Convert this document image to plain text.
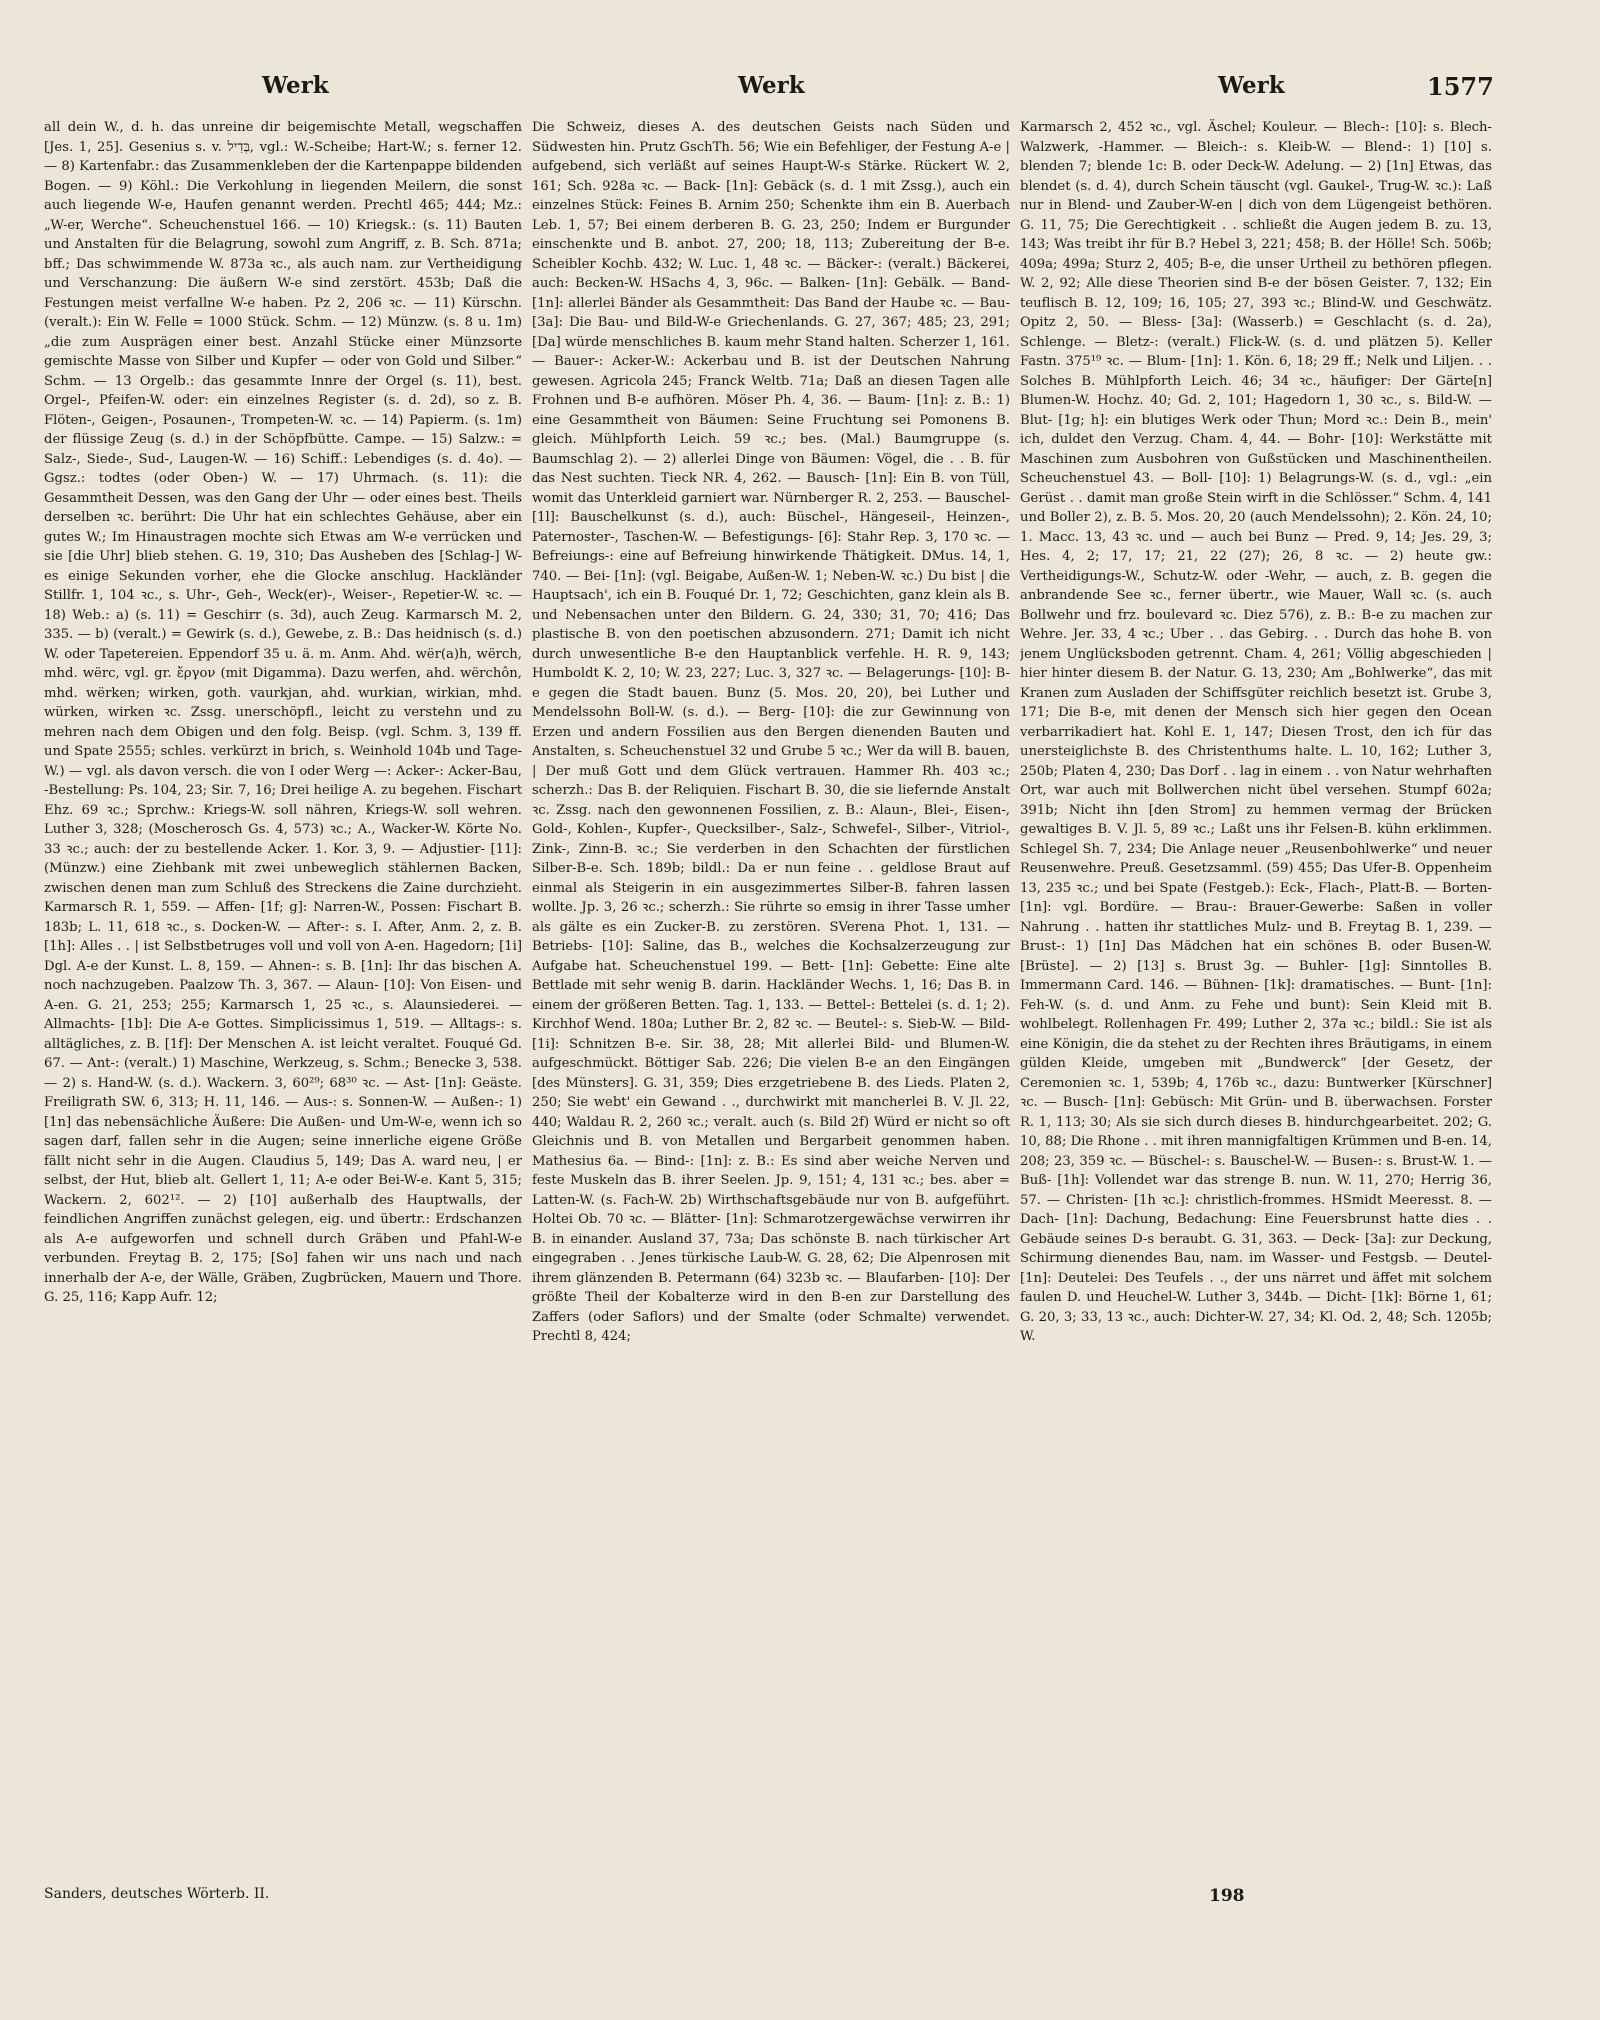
Werk	Werk	Werk	1577

all dein W., d. h. das unreine dir beigemischte Metall, wegschaffen [Jes. 1, 25]. Gesenius s. v. בְּדִיל, vgl.: W.-Scheibe; Hart-W.; s. ferner 12. — 8) Kartenfabr.: das Zusammenkleben der die Kartenpappe bildenden Bogen. — 9) Köhl.: Die Verkohlung in liegenden Meilern, die sonst auch liegende W-e, Haufen genannt werden. Prechtl 465; 444; Mz.: „W-er, Werche“. Scheuchenstuel 166. — 10) Kriegsk.: (s. 11) Bauten und Anstalten für die Belagrung, sowohl zum Angriff, z. B. Sch. 871a; bff.; Das schwimmende W. 873a ꝛc., als auch nam. zur Vertheidigung und Verschanzung: Die äußern W-e sind zerstört. 453b; Daß die Festungen meist verfallne W-e haben. Pz 2, 206 ꝛc. — 11) Kürschn. (veralt.): Ein W. Felle = 1000 Stück. Schm. — 12) Münzw. (s. 8 u. 1m) „die zum Ausprägen einer best. Anzahl Stücke einer Münzsorte gemischte Masse von Silber und Kupfer — oder von Gold und Silber.“ Schm. — 13 Orgelb.: das gesammte Innre der Orgel (s. 11), best. Orgel-, Pfeifen-W. oder: ein einzelnes Register (s. d. 2d), so z. B. Flöten-, Geigen-, Posaunen-, Trompeten-W. ꝛc. — 14) Papierm. (s. 1m) der flüssige Zeug (s. d.) in der Schöpfbütte. Campe. — 15) Salzw.: = Salz-, Siede-, Sud-, Laugen-W. — 16) Schiff.: Lebendiges (s. d. 4o). — Ggsz.: todtes (oder Oben-) W. — 17) Uhrmach. (s. 11): die Gesammtheit Dessen, was den Gang der Uhr — oder eines best. Theils derselben ꝛc. berührt: Die Uhr hat ein schlechtes Gehäuse, aber ein gutes W.; Im Hinaustragen mochte sich Etwas am W-e verrücken und sie [die Uhr] blieb stehen. G. 19, 310; Das Ausheben des [Schlag-] W-es einige Sekunden vorher, ehe die Glocke anschlug. Hackländer Stillfr. 1, 104 ꝛc., s. Uhr-, Geh-, Weck(er)-, Weiser-, Repetier-W. ꝛc. — 18) Web.: a) (s. 11) = Geschirr (s. 3d), auch Zeug. Karmarsch M. 2, 335. — b) (veralt.) = Gewirk (s. d.), Gewebe, z. B.: Das heidnisch (s. d.) W. oder Tapetereien. Eppendorf 35 u. ä. m. Anm. Ahd. wër(a)h, wërch, mhd. wërc, vgl. gr. ἔργον (mit Digamma). Dazu werfen, ahd. wërchôn, mhd. wërken; wirken, goth. vaurkjan, ahd. wurkian, wirkian, mhd. würken, wirken ꝛc. Zssg. unerschöpfl., leicht zu verstehn und zu mehren nach dem Obigen und den folg. Beisp. (vgl. Schm. 3, 139 ff. und Spate 2555; schles. verkürzt in brich, s. Weinhold 104b und Tage-W.) — vgl. als davon versch. die von I oder Werg —: Acker-: Acker-Bau, -Bestellung: Ps. 104, 23; Sir. 7, 16; Drei heilige A. zu begehen. Fischart Ehz. 69 ꝛc.; Sprchw.: Kriegs-W. soll nähren, Kriegs-W. soll wehren. Luther 3, 328; (Moscherosch Gs. 4, 573) ꝛc.; A., Wacker-W. Körte No. 33 ꝛc.; auch: der zu bestellende Acker. 1. Kor. 3, 9. — Adjustier- [11]: (Münzw.) eine Ziehbank mit zwei unbeweglich stählernen Backen, zwischen denen man zum Schluß des Streckens die Zaine durchzieht. Karmarsch R. 1, 559. — Affen- [1f; g]: Narren-W., Possen: Fischart B. 183b; L. 11, 618 ꝛc., s. Docken-W. — After-: s. I. After, Anm. 2, z. B. [1h]: Alles . . | ist Selbstbetruges voll und voll von A-en. Hagedorn; [1i] Dgl. A-e der Kunst. L. 8, 159. — Ahnen-: s. B. [1n]: Ihr das bischen A. noch nachzugeben. Paalzow Th. 3, 367. — Alaun- [10]: Von Eisen- und A-en. G. 21, 253; 255; Karmarsch 1, 25 ꝛc., s. Alaunsiederei. — Allmachts- [1b]: Die A-e Gottes. Simplicissimus 1, 519. — Alltags-: s. alltägliches, z. B. [1f]: Der Menschen A. ist leicht veraltet. Fouqué Gd. 67. — Ant-: (veralt.) 1) Maschine, Werkzeug, s. Schm.; Benecke 3, 538. — 2) s. Hand-W. (s. d.). Wackern. 3, 60²⁹; 68³⁰ ꝛc. — Ast- [1n]: Geäste. Freiligrath SW. 6, 313; H. 11, 146. — Aus-: s. Sonnen-W. — Außen-: 1) [1n] das nebensächliche Äußere: Die Außen- und Um-W-e, wenn ich so sagen darf, fallen sehr in die Augen; seine innerliche eigene Größe fällt nicht sehr in die Augen. Claudius 5, 149; Das A. ward neu, | er selbst, der Hut, blieb alt. Gellert 1, 11; A-e oder Bei-W-e. Kant 5, 315; Wackern. 2, 602¹². — 2) [10] außerhalb des Hauptwalls, der feindlichen Angriffen zunächst gelegen, eig. und übertr.: Erdschanzen als A-e aufgeworfen und schnell durch Gräben und Pfahl-W-e verbunden. Freytag B. 2, 175; [So] fahen wir uns nach und nach innerhalb der A-e, der Wälle, Gräben, Zugbrücken, Mauern und Thore. G. 25, 116; Kapp Aufr. 12;

Die Schweiz, dieses A. des deutschen Geists nach Süden und Südwesten hin. Prutz GschTh. 56; Wie ein Befehliger, der Festung A-e | aufgebend, sich verläßt auf seines Haupt-W-s Stärke. Rückert W. 2, 161; Sch. 928a ꝛc. — Back- [1n]: Gebäck (s. d. 1 mit Zssg.), auch ein einzelnes Stück: Feines B. Arnim 250; Schenkte ihm ein B. Auerbach Leb. 1, 57; Bei einem derberen B. G. 23, 250; Indem er Burgunder einschenkte und B. anbot. 27, 200; 18, 113; Zubereitung der B-e. Scheibler Kochb. 432; W. Luc. 1, 48 ꝛc. — Bäcker-: (veralt.) Bäckerei, auch: Becken-W. HSachs 4, 3, 96c. — Balken- [1n]: Gebälk. — Band- [1n]: allerlei Bänder als Gesammtheit: Das Band der Haube ꝛc. — Bau- [3a]: Die Bau- und Bild-W-e Griechenlands. G. 27, 367; 485; 23, 291; [Da] würde menschliches B. kaum mehr Stand halten. Scherzer 1, 161. — Bauer-: Acker-W.: Ackerbau und B. ist der Deutschen Nahrung gewesen. Agricola 245; Franck Weltb. 71a; Daß an diesen Tagen alle Frohnen und B-e aufhören. Möser Ph. 4, 36. — Baum- [1n]: z. B.: 1) eine Gesammtheit von Bäumen: Seine Fruchtung sei Pomonens B. gleich. Mühlpforth Leich. 59 ꝛc.; bes. (Mal.) Baumgruppe (s. Baumschlag 2). — 2) allerlei Dinge von Bäumen: Vögel, die . . B. für das Nest suchten. Tieck NR. 4, 262. — Bausch- [1n]: Ein B. von Tüll, womit das Unterkleid garniert war. Nürnberger R. 2, 253. — Bauschel- [1l]: Bauschelkunst (s. d.), auch: Büschel-, Hängeseil-, Heinzen-, Paternoster-, Taschen-W. — Befestigungs- [6]: Stahr Rep. 3, 170 ꝛc. — Befreiungs-: eine auf Befreiung hinwirkende Thätigkeit. DMus. 14, 1, 740. — Bei- [1n]: (vgl. Beigabe, Außen-W. 1; Neben-W. ꝛc.) Du bist | die Hauptsach', ich ein B. Fouqué Dr. 1, 72; Geschichten, ganz klein als B. und Nebensachen unter den Bildern. G. 24, 330; 31, 70; 416; Das plastische B. von den poetischen abzusondern. 271; Damit ich nicht durch unwesentliche B-e den Hauptanblick verfehle. H. R. 9, 143; Humboldt K. 2, 10; W. 23, 227; Luc. 3, 327 ꝛc. — Belagerungs- [10]: B-e gegen die Stadt bauen. Bunz (5. Mos. 20, 20), bei Luther und Mendelssohn Boll-W. (s. d.). — Berg- [10]: die zur Gewinnung von Erzen und andern Fossilien aus den Bergen dienenden Bauten und Anstalten, s. Scheuchenstuel 32 und Grube 5 ꝛc.; Wer da will B. bauen, | Der muß Gott und dem Glück vertrauen. Hammer Rh. 403 ꝛc.; scherzh.: Das B. der Reliquien. Fischart B. 30, die sie liefernde Anstalt ꝛc. Zssg. nach den gewonnenen Fossilien, z. B.: Alaun-, Blei-, Eisen-, Gold-, Kohlen-, Kupfer-, Quecksilber-, Salz-, Schwefel-, Silber-, Vitriol-, Zink-, Zinn-B. ꝛc.; Sie verderben in den Schachten der fürstlichen Silber-B-e. Sch. 189b; bildl.: Da er nun feine . . geldlose Braut auf einmal als Steigerin in ein ausgezimmertes Silber-B. fahren lassen wollte. Jp. 3, 26 ꝛc.; scherzh.: Sie rührte so emsig in ihrer Tasse umher als gälte es ein Zucker-B. zu zerstören. SVerena Phot. 1, 131. — Betriebs- [10]: Saline, das B., welches die Kochsalzerzeugung zur Aufgabe hat. Scheuchenstuel 199. — Bett- [1n]: Gebette: Eine alte Bettlade mit sehr wenig B. darin. Hackländer Wechs. 1, 16; Das B. in einem der größeren Betten. Tag. 1, 133. — Bettel-: Bettelei (s. d. 1; 2). Kirchhof Wend. 180a; Luther Br. 2, 82 ꝛc. — Beutel-: s. Sieb-W. — Bild- [1i]: Schnitzen B-e. Sir. 38, 28; Mit allerlei Bild- und Blumen-W. aufgeschmückt. Böttiger Sab. 226; Die vielen B-e an den Eingängen [des Münsters]. G. 31, 359; Dies erzgetriebene B. des Lieds. Platen 2, 250; Sie webt' ein Gewand . ., durchwirkt mit mancherlei B. V. Jl. 22, 440; Waldau R. 2, 260 ꝛc.; veralt. auch (s. Bild 2f) Würd er nicht so oft Gleichnis und B. von Metallen und Bergarbeit genommen haben. Mathesius 6a. — Bind-: [1n]: z. B.: Es sind aber weiche Nerven und feste Muskeln das B. ihrer Seelen. Jp. 9, 151; 4, 131 ꝛc.; bes. aber = Latten-W. (s. Fach-W. 2b) Wirthschaftsgebäude nur von B. aufgeführt. Holtei Ob. 70 ꝛc. — Blätter- [1n]: Schmarotzergewächse verwirren ihr B. in einander. Ausland 37, 73a; Das schönste B. nach türkischer Art eingegraben . . Jenes türkische Laub-W. G. 28, 62; Die Alpenrosen mit ihrem glänzenden B. Petermann (64) 323b ꝛc. — Blaufarben- [10]: Der größte Theil der Kobalterze wird in den B-en zur Darstellung des Zaffers (oder Saflors) und der Smalte (oder Schmalte) verwendet. Prechtl 8, 424;

Karmarsch 2, 452 ꝛc., vgl. Äschel; Kouleur. — Blech-: [10]: s. Blech-Walzwerk, -Hammer. — Bleich-: s. Kleib-W. — Blend-: 1) [10] s. blenden 7; blende 1c: B. oder Deck-W. Adelung. — 2) [1n] Etwas, das blendet (s. d. 4), durch Schein täuscht (vgl. Gaukel-, Trug-W. ꝛc.): Laß nur in Blend- und Zauber-W-en | dich von dem Lügengeist bethören. G. 11, 75; Die Gerechtigkeit . . schließt die Augen jedem B. zu. 13, 143; Was treibt ihr für B.? Hebel 3, 221; 458; B. der Hölle! Sch. 506b; 409a; 499a; Sturz 2, 405; B-e, die unser Urtheil zu bethören pflegen. W. 2, 92; Alle diese Theorien sind B-e der bösen Geister. 7, 132; Ein teuflisch B. 12, 109; 16, 105; 27, 393 ꝛc.; Blind-W. und Geschwätz. Opitz 2, 50. — Bless- [3a]: (Wasserb.) = Geschlacht (s. d. 2a), Schlenge. — Bletz-: (veralt.) Flick-W. (s. d. und plätzen 5). Keller Fastn. 375¹⁹ ꝛc. — Blum- [1n]: 1. Kön. 6, 18; 29 ff.; Nelk und Liljen. . . Solches B. Mühlpforth Leich. 46; 34 ꝛc., häufiger: Der Gärte[n] Blumen-W. Hochz. 40; Gd. 2, 101; Hagedorn 1, 30 ꝛc., s. Bild-W. — Blut- [1g; h]: ein blutiges Werk oder Thun; Mord ꝛc.: Dein B., mein' ich, duldet den Verzug. Cham. 4, 44. — Bohr- [10]: Werkstätte mit Maschinen zum Ausbohren von Gußstücken und Maschinentheilen. Scheuchenstuel 43. — Boll- [10]: 1) Belagrungs-W. (s. d., vgl.: „ein Gerüst . . damit man große Stein wirft in die Schlösser.“ Schm. 4, 141 und Boller 2), z. B. 5. Mos. 20, 20 (auch Mendelssohn); 2. Kön. 24, 10; 1. Macc. 13, 43 ꝛc. und — auch bei Bunz — Pred. 9, 14; Jes. 29, 3; Hes. 4, 2; 17, 17; 21, 22 (27); 26, 8 ꝛc. — 2) heute gw.: Vertheidigungs-W., Schutz-W. oder -Wehr, — auch, z. B. gegen die anbrandende See ꝛc., ferner übertr., wie Mauer, Wall ꝛc. (s. auch Bollwehr und frz. boulevard ꝛc. Diez 576), z. B.: B-e zu machen zur Wehre. Jer. 33, 4 ꝛc.; Uber . . das Gebirg. . . Durch das hohe B. von jenem Unglücksboden getrennt. Cham. 4, 261; Völlig abgeschieden | hier hinter diesem B. der Natur. G. 13, 230; Am „Bohlwerke“, das mit Kranen zum Ausladen der Schiffsgüter reichlich besetzt ist. Grube 3, 171; Die B-e, mit denen der Mensch sich hier gegen den Ocean verbarrikadiert hat. Kohl E. 1, 147; Diesen Trost, den ich für das unersteiglichste B. des Christenthums halte. L. 10, 162; Luther 3, 250b; Platen 4, 230; Das Dorf . . lag in einem . . von Natur wehrhaften Ort, war auch mit Bollwerchen nicht übel versehen. Stumpf 602a; 391b; Nicht ihn [den Strom] zu hemmen vermag der Brücken gewaltiges B. V. Jl. 5, 89 ꝛc.; Laßt uns ihr Felsen-B. kühn erklimmen. Schlegel Sh. 7, 234; Die Anlage neuer „Reusenbohlwerke“ und neuer Reusenwehre. Preuß. Gesetzsamml. (59) 455; Das Ufer-B. Oppenheim 13, 235 ꝛc.; und bei Spate (Festgeb.): Eck-, Flach-, Platt-B. — Borten- [1n]: vgl. Bordüre. — Brau-: Brauer-Gewerbe: Saßen in voller Nahrung . . hatten ihr stattliches Mulz- und B. Freytag B. 1, 239. — Brust-: 1) [1n] Das Mädchen hat ein schönes B. oder Busen-W. [Brüste]. — 2) [13] s. Brust 3g. — Buhler- [1g]: Sinntolles B. Immermann Card. 146. — Bühnen- [1k]: dramatisches. — Bunt- [1n]: Feh-W. (s. d. und Anm. zu Fehe und bunt): Sein Kleid mit B. wohlbelegt. Rollenhagen Fr. 499; Luther 2, 37a ꝛc.; bildl.: Sie ist als eine Königin, die da stehet zu der Rechten ihres Bräutigams, in einem gülden Kleide, umgeben mit „Bundwerck“ [der Gesetz, der Ceremonien ꝛc. 1, 539b; 4, 176b ꝛc., dazu: Buntwerker [Kürschner] ꝛc. — Busch- [1n]: Gebüsch: Mit Grün- und B. überwachsen. Forster R. 1, 113; 30; Als sie sich durch dieses B. hindurchgearbeitet. 202; G. 10, 88; Die Rhone . . mit ihren mannigfaltigen Krümmen und B-en. 14, 208; 23, 359 ꝛc. — Büschel-: s. Bauschel-W. — Busen-: s. Brust-W. 1. — Buß- [1h]: Vollendet war das strenge B. nun. W. 11, 270; Herrig 36, 57. — Christen- [1h ꝛc.]: christlich-frommes. HSmidt Meeresst. 8. — Dach- [1n]: Dachung, Bedachung: Eine Feuersbrunst hatte dies . . Gebäude seines D-s beraubt. G. 31, 363. — Deck- [3a]: zur Deckung, Schirmung dienendes Bau, nam. im Wasser- und Festgsb. — Deutel- [1n]: Deutelei: Des Teufels . ., der uns närret und äffet mit solchem faulen D. und Heuchel-W. Luther 3, 344b. — Dicht- [1k]: Börne 1, 61; G. 20, 3; 33, 13 ꝛc., auch: Dichter-W. 27, 34; Kl. Od. 2, 48; Sch. 1205b; W.

Sanders, deutsches Wörterb. II.	198
